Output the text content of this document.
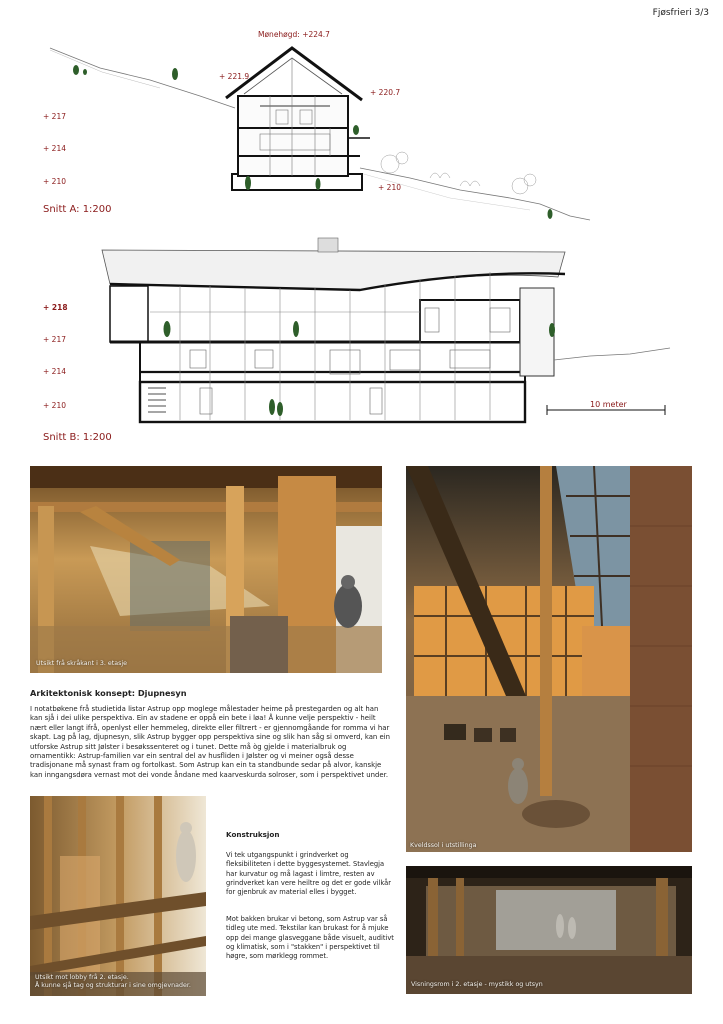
Fjøsfrieri 3/3
Mønehøgd: +224.7
+ 221.9
+ 220.7
+ 210
+ 217
+ 214
+ 210
Snitt A: 1:200
+ 218
+ 217
+ 214
+ 210	10 meter
Snitt B: 1:200
Utsikt frå skråkant i 3. etasje
Kveldssol i utstillinga
Arkitektonisk konsept: Djupnesyn
I notatbøkene frå studietida listar Astrup opp moglege målestader heime på prestegarden og alt han kan sjå i dei ulike perspektiva. Ein av stadene er oppå ein bete i løa! Å kunne velje perspektiv - heilt nært eller langt ifrå, openlyst eller hemmeleg, direkte eller filtrert - er gjennomgåande for romma vi har skapt. Lag på lag, djupnesyn, slik Astrup bygger opp perspektiva sine og slik han såg si omverd, kan ein utforske Astrup sitt Jølster i besøkssenteret og i tunet. Dette må òg gjelde i materialbruk og ornamentikk: Astrup-familien var ein sentral del av husfliden i Jølster og vi meiner også desse tradisjonane må synast fram og fortolkast. Som Astrup kan ein ta standbunde sedar på alvor, kanskje kan inngangsdøra vernast mot dei vonde åndane med kaarveskurda solroser, som i perspektivet under.
Utsikt mot lobby frå 2. etasje.
Å kunne sjå tag og strukturar i sine omgjevnader.
Konstruksjon
Vi tek utgangspunkt i grindverket og fleksibiliteten i dette byggesystemet. Stavlegja har kurvatur og må lagast i limtre, resten av grindverket kan vere heiltre og det er gode vilkår for gjenbruk av material elles i bygget.
Mot bakken brukar vi betong, som Astrup var så tidleg ute med. Tekstilar kan brukast for å mjuke opp dei mange glasveggane både visuelt, auditivt og klimatisk, som i "stakken" i perspektivet til høgre, som mørklegg rommet.
Visningsrom i 2. etasje - mystikk og utsyn
